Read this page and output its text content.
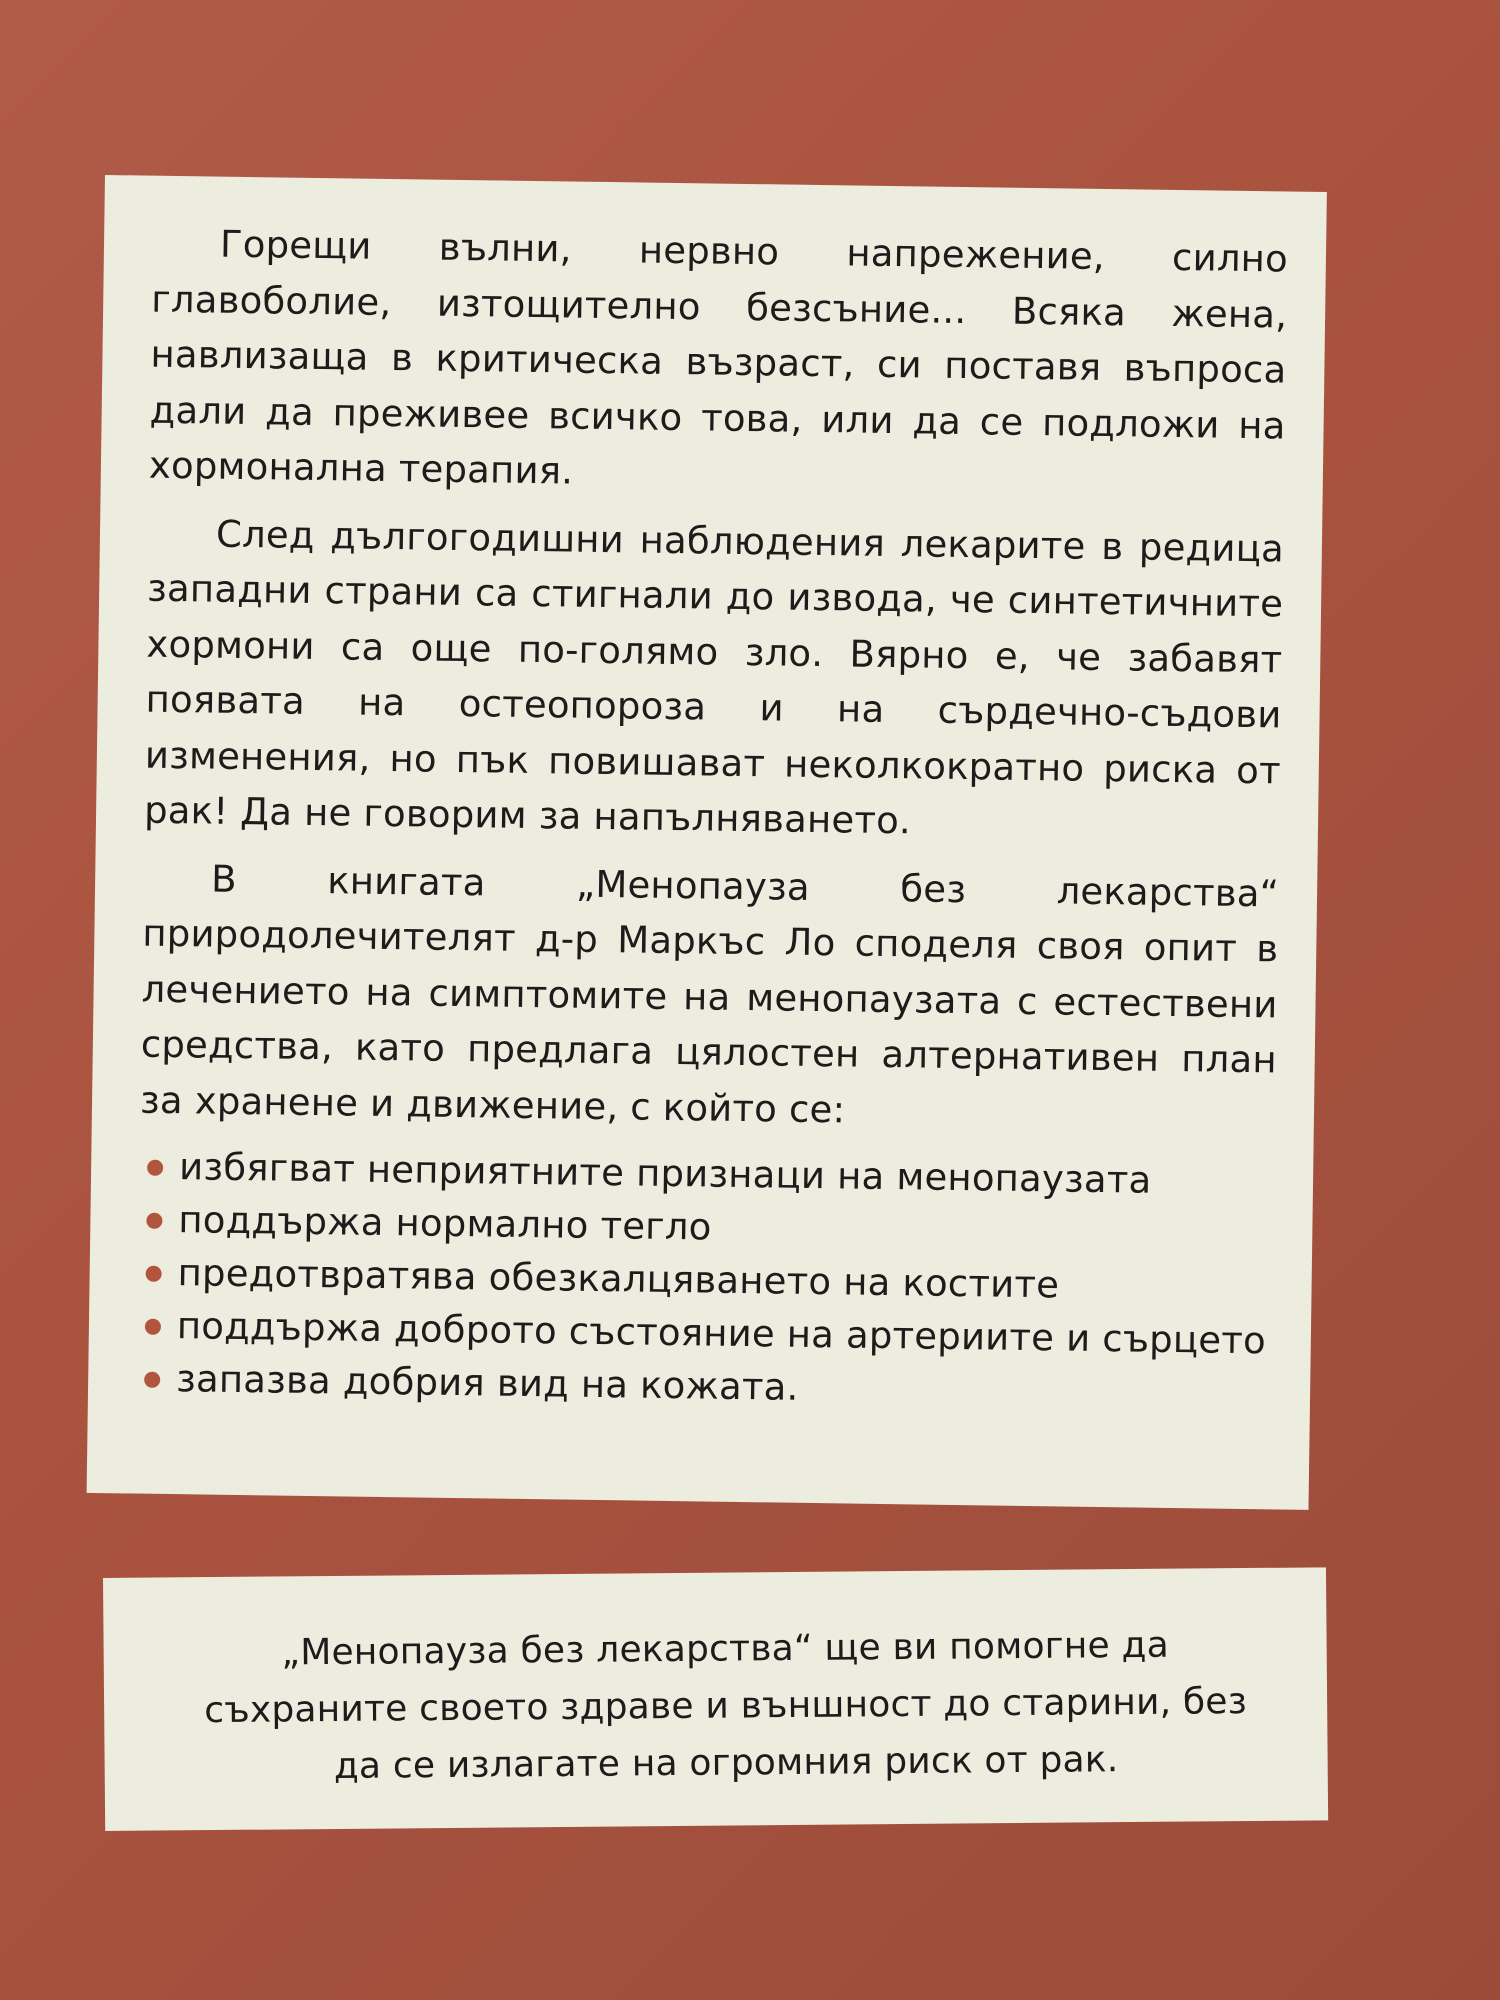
Горещи вълни, нервно напрежение, силно главоболие, изтощително безсъние... Всяка жена, навлизаща в критическа възраст, си поставя въпроса дали да преживее всичко това, или да се подложи на хормонална терапия.

След дългогодишни наблюдения лекарите в редица западни страни са стигнали до извода, че синтетичните хормони са още по-голямо зло. Вярно е, че забавят появата на остеопороза и на сърдечно-съдови изменения, но пък повишават неколкократно риска от рак! Да не говорим за напълняването.

В книгата „Менопауза без лекарства“ природолечителят д-р Маркъс Ло споделя своя опит в лечението на симптомите на менопаузата с естествени средства, като предлага цялостен алтернативен план за хранене и движение, с който се:

избягват неприятните признаци на менопаузата
поддържа нормално тегло
предотвратява обезкалцяването на костите
поддържа доброто състояние на артериите и сърцето
запазва добрия вид на кожата.

„Менопауза без лекарства“ ще ви помогне да съхраните своето здраве и външност до старини, без да се излагате на огромния риск от рак.
